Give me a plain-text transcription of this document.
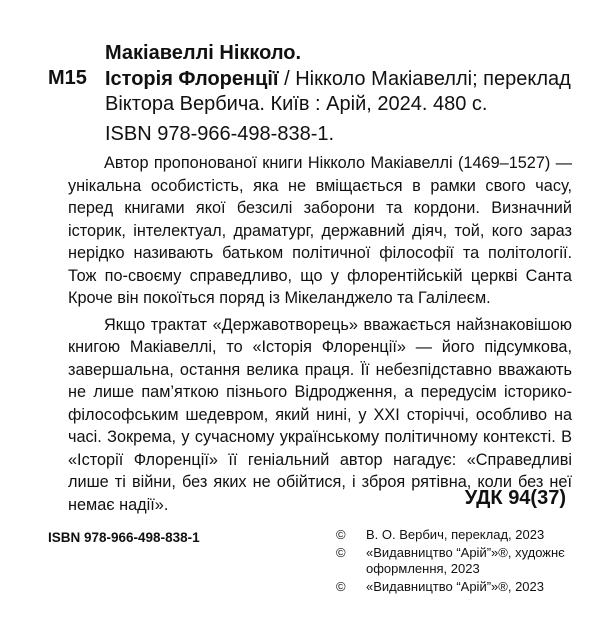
Макіавеллі Нікколо.
М15 Історія Флоренції / Нікколо Макіавеллі; переклад Віктора Вербича. Київ : Арій, 2024. 480 с.
ISBN 978-966-498-838-1.

Автор пропонованої книги Нікколо Макіавеллі (1469–1527) — унікальна особистість, яка не вміщається в рамки свого часу, перед книгами якої безсилі заборони та кордони. Визначний історик, інтелектуал, драматург, державний діяч, той, кого зараз нерідко називають батьком політичної філософії та політології. Тож по-своєму справедливо, що у флорентійській церкві Санта Кроче він покоїться поряд із Мікеланджело та Галілеєм.

Якщо трактат «Державотворець» вважається найзнаковішою книгою Макіавеллі, то «Історія Флоренції» — його підсумкова, завершальна, остання велика праця. Її небезпідставно вважають не лише пам’яткою пізнього Відродження, а передусім історико-філософським шедевром, який нині, у XXI сторіччі, особливо на часі. Зокрема, у сучасному українському політичному контексті. В «Історії Флоренції» її геніальний автор нагадує: «Справедливі лише ті війни, без яких не обійтися, і зброя рятівна, коли без неї немає надії».	УДК 94(37)
ISBN 978-966-498-838-1	© В. О. Вербич, переклад, 2023
© «Видавництво “Арій”»®, художнє оформлення, 2023
© «Видавництво “Арій”»®, 2023
